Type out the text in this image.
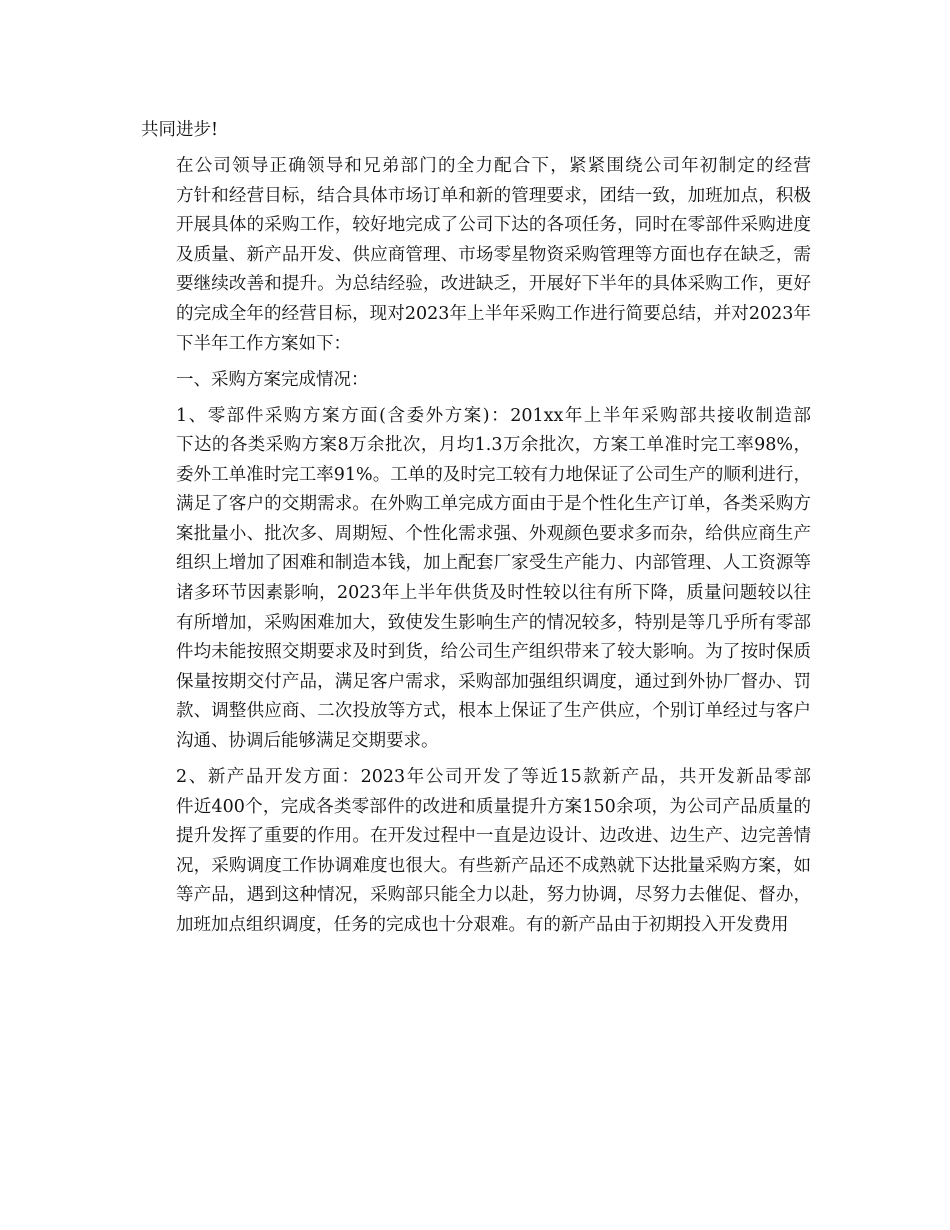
共同进步!

在公司领导正确领导和兄弟部门的全力配合下，紧紧围绕公司年初制定的经营
方针和经营目标，结合具体市场订单和新的管理要求，团结一致，加班加点，积极
开展具体的采购工作，较好地完成了公司下达的各项任务，同时在零部件采购进度
及质量、新产品开发、供应商管理、市场零星物资采购管理等方面也存在缺乏，需
要继续改善和提升。为总结经验，改进缺乏，开展好下半年的具体采购工作，更好
的完成全年的经营目标，现对2023年上半年采购工作进行简要总结，并对2023年
下半年工作方案如下：

一、采购方案完成情况：

1、零部件采购方案方面(含委外方案)：201xx年上半年采购部共接收制造部
下达的各类采购方案8万余批次，月均1.3万余批次，方案工单准时完工率98%，
委外工单准时完工率91%。工单的及时完工较有力地保证了公司生产的顺利进行，
满足了客户的交期需求。在外购工单完成方面由于是个性化生产订单，各类采购方
案批量小、批次多、周期短、个性化需求强、外观颜色要求多而杂，给供应商生产
组织上增加了困难和制造本钱，加上配套厂家受生产能力、内部管理、人工资源等
诸多环节因素影响，2023年上半年供货及时性较以往有所下降，质量问题较以往
有所增加，采购困难加大，致使发生影响生产的情况较多，特别是等几乎所有零部
件均未能按照交期要求及时到货，给公司生产组织带来了较大影响。为了按时保质
保量按期交付产品，满足客户需求，采购部加强组织调度，通过到外协厂督办、罚
款、调整供应商、二次投放等方式，根本上保证了生产供应，个别订单经过与客户
沟通、协调后能够满足交期要求。

2、新产品开发方面：2023年公司开发了等近15款新产品，共开发新品零部
件近400个，完成各类零部件的改进和质量提升方案150余项，为公司产品质量的
提升发挥了重要的作用。在开发过程中一直是边设计、边改进、边生产、边完善情
况，采购调度工作协调难度也很大。有些新产品还不成熟就下达批量采购方案，如
等产品，遇到这种情况，采购部只能全力以赴，努力协调，尽努力去催促、督办，
加班加点组织调度，任务的完成也十分艰难。有的新产品由于初期投入开发费用
